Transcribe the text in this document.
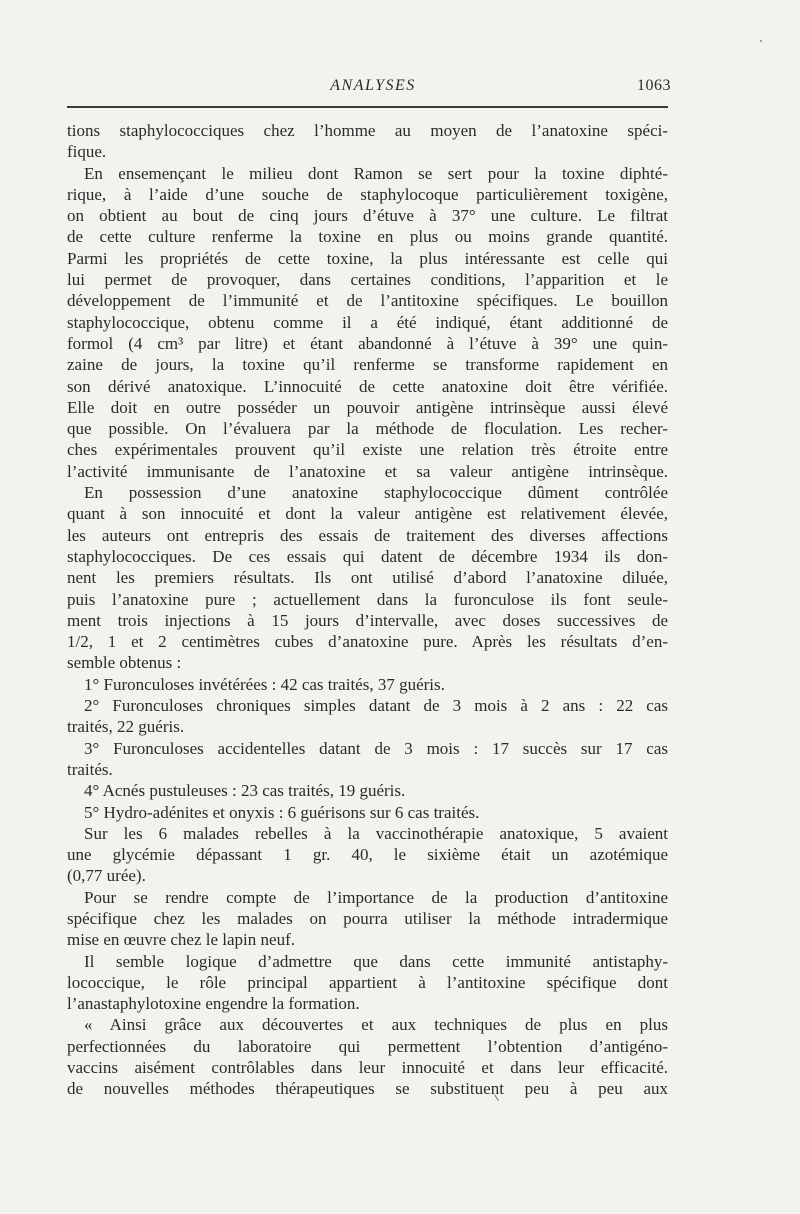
ANALYSES	1063

tions staphylococciques chez l’homme au moyen de l’anatoxine spéci-

fique.

En ensemençant le milieu dont Ramon se sert pour la toxine diphté-

rique, à l’aide d’une souche de staphylocoque particulièrement toxigène,

on obtient au bout de cinq jours d’étuve à 37° une culture. Le filtrat

de cette culture renferme la toxine en plus ou moins grande quantité.

Parmi les propriétés de cette toxine, la plus intéressante est celle qui

lui permet de provoquer, dans certaines conditions, l’apparition et le

développement de l’immunité et de l’antitoxine spécifiques. Le bouillon

staphylococcique, obtenu comme il a été indiqué, étant additionné de

formol (4 cm³ par litre) et étant abandonné à l’étuve à 39° une quin-

zaine de jours, la toxine qu’il renferme se transforme rapidement en

son dérivé anatoxique. L’innocuité de cette anatoxine doit être vérifiée.

Elle doit en outre posséder un pouvoir antigène intrinsèque aussi élevé

que possible. On l’évaluera par la méthode de floculation. Les recher-

ches expérimentales prouvent qu’il existe une relation très étroite entre

l’activité immunisante de l’anatoxine et sa valeur antigène intrinsèque.

En possession d’une anatoxine staphylococcique dûment contrôlée

quant à son innocuité et dont la valeur antigène est relativement élevée,

les auteurs ont entrepris des essais de traitement des diverses affections

staphylococciques. De ces essais qui datent de décembre 1934 ils don-

nent les premiers résultats. Ils ont utilisé d’abord l’anatoxine diluée,

puis l’anatoxine pure ; actuellement dans la furonculose ils font seule-

ment trois injections à 15 jours d’intervalle, avec doses successives de

1/2, 1 et 2 centimètres cubes d’anatoxine pure. Après les résultats d’en-

semble obtenus :

1° Furonculoses invétérées : 42 cas traités, 37 guéris.

2° Furonculoses chroniques simples datant de 3 mois à 2 ans : 22 cas

traités, 22 guéris.

3° Furonculoses accidentelles datant de 3 mois : 17 succès sur 17 cas

traités.

4° Acnés pustuleuses : 23 cas traités, 19 guéris.

5° Hydro-adénites et onyxis : 6 guérisons sur 6 cas traités.

Sur les 6 malades rebelles à la vaccinothérapie anatoxique, 5 avaient

une glycémie dépassant 1 gr. 40, le sixième était un azotémique

(0,77 urée).

Pour se rendre compte de l’importance de la production d’antitoxine

spécifique chez les malades on pourra utiliser la méthode intradermique

mise en œuvre chez le lapin neuf.

Il semble logique d’admettre que dans cette immunité antistaphy-

lococcique, le rôle principal appartient à l’antitoxine spécifique dont

l’anastaphylotoxine engendre la formation.

« Ainsi grâce aux découvertes et aux techniques de plus en plus

perfectionnées du laboratoire qui permettent l’obtention d’antigéno-

vaccins aisément contrôlables dans leur innocuité et dans leur efficacité.

de nouvelles méthodes thérapeutiques se substituent peu à peu aux
